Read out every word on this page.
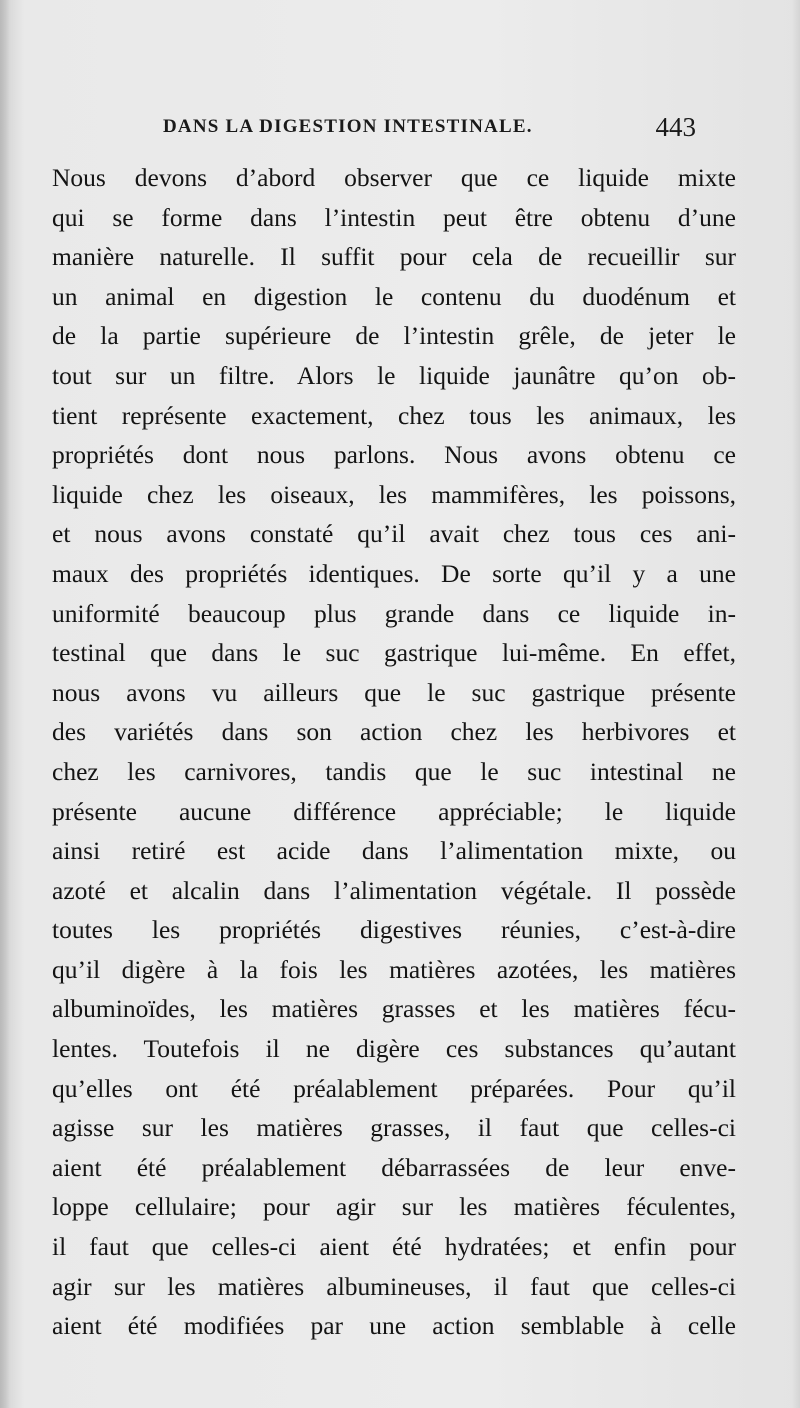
DANS LA DIGESTION INTESTINALE.	443
Nous devons d’abord observer que ce liquide mixte
qui se forme dans l’intestin peut être obtenu d’une
manière naturelle. Il suffit pour cela de recueillir sur
un animal en digestion le contenu du duodénum et
de la partie supérieure de l’intestin grêle, de jeter le
tout sur un filtre. Alors le liquide jaunâtre qu’on ob-
tient représente exactement, chez tous les animaux, les
propriétés dont nous parlons. Nous avons obtenu ce
liquide chez les oiseaux, les mammifères, les poissons,
et nous avons constaté qu’il avait chez tous ces ani-
maux des propriétés identiques. De sorte qu’il y a une
uniformité beaucoup plus grande dans ce liquide in-
testinal que dans le suc gastrique lui-même. En effet,
nous avons vu ailleurs que le suc gastrique présente
des variétés dans son action chez les herbivores et
chez les carnivores, tandis que le suc intestinal ne
présente aucune différence appréciable; le liquide
ainsi retiré est acide dans l’alimentation mixte, ou
azoté et alcalin dans l’alimentation végétale. Il possède
toutes les propriétés digestives réunies, c’est-à-dire
qu’il digère à la fois les matières azotées, les matières
albuminoïdes, les matières grasses et les matières fécu-
lentes. Toutefois il ne digère ces substances qu’autant
qu’elles ont été préalablement préparées. Pour qu’il
agisse sur les matières grasses, il faut que celles-ci
aient été préalablement débarrassées de leur enve-
loppe cellulaire; pour agir sur les matières féculentes,
il faut que celles-ci aient été hydratées; et enfin pour
agir sur les matières albumineuses, il faut que celles-ci
aient été modifiées par une action semblable à celle
